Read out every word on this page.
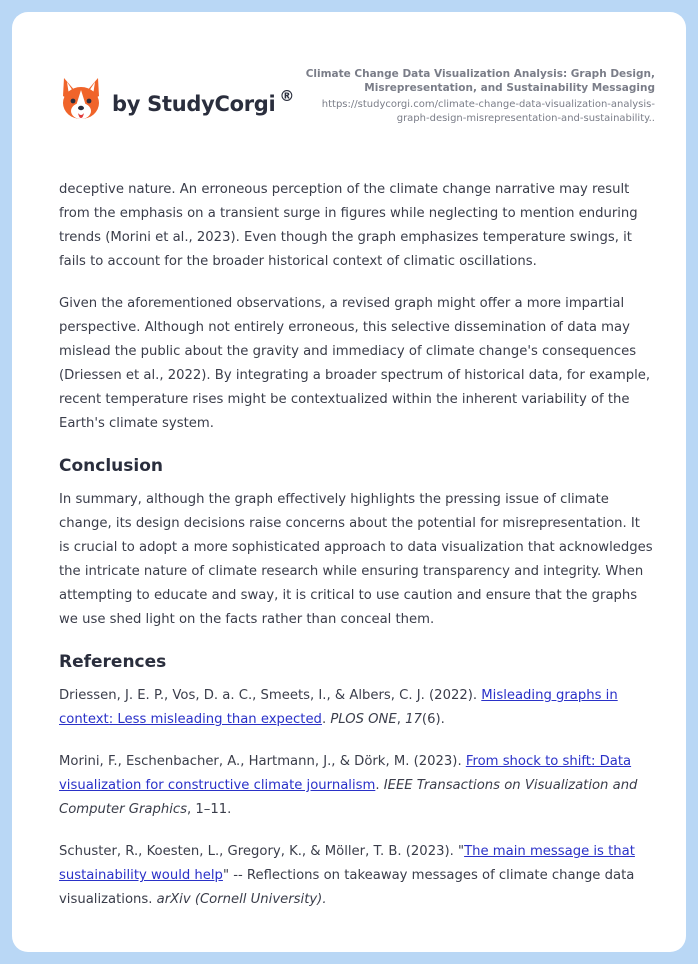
by StudyCorgi ®
Climate Change Data Visualization Analysis: Graph Design, Misrepresentation, and Sustainability Messaging
https://studycorgi.com/climate-change-data-visualization-analysis-graph-design-misrepresentation-and-sustainability..

deceptive nature. An erroneous perception of the climate change narrative may result from the emphasis on a transient surge in figures while neglecting to mention enduring trends (Morini et al., 2023). Even though the graph emphasizes temperature swings, it fails to account for the broader historical context of climatic oscillations.

Given the aforementioned observations, a revised graph might offer a more impartial perspective. Although not entirely erroneous, this selective dissemination of data may mislead the public about the gravity and immediacy of climate change's consequences (Driessen et al., 2022). By integrating a broader spectrum of historical data, for example, recent temperature rises might be contextualized within the inherent variability of the Earth's climate system.

Conclusion

In summary, although the graph effectively highlights the pressing issue of climate change, its design decisions raise concerns about the potential for misrepresentation. It is crucial to adopt a more sophisticated approach to data visualization that acknowledges the intricate nature of climate research while ensuring transparency and integrity. When attempting to educate and sway, it is critical to use caution and ensure that the graphs we use shed light on the facts rather than conceal them.

References

Driessen, J. E. P., Vos, D. a. C., Smeets, I., & Albers, C. J. (2022). Misleading graphs in context: Less misleading than expected. PLOS ONE, 17(6).

Morini, F., Eschenbacher, A., Hartmann, J., & Dörk, M. (2023). From shock to shift: Data visualization for constructive climate journalism. IEEE Transactions on Visualization and Computer Graphics, 1–11.

Schuster, R., Koesten, L., Gregory, K., & Möller, T. B. (2023). "The main message is that sustainability would help" -- Reflections on takeaway messages of climate change data visualizations. arXiv (Cornell University).
